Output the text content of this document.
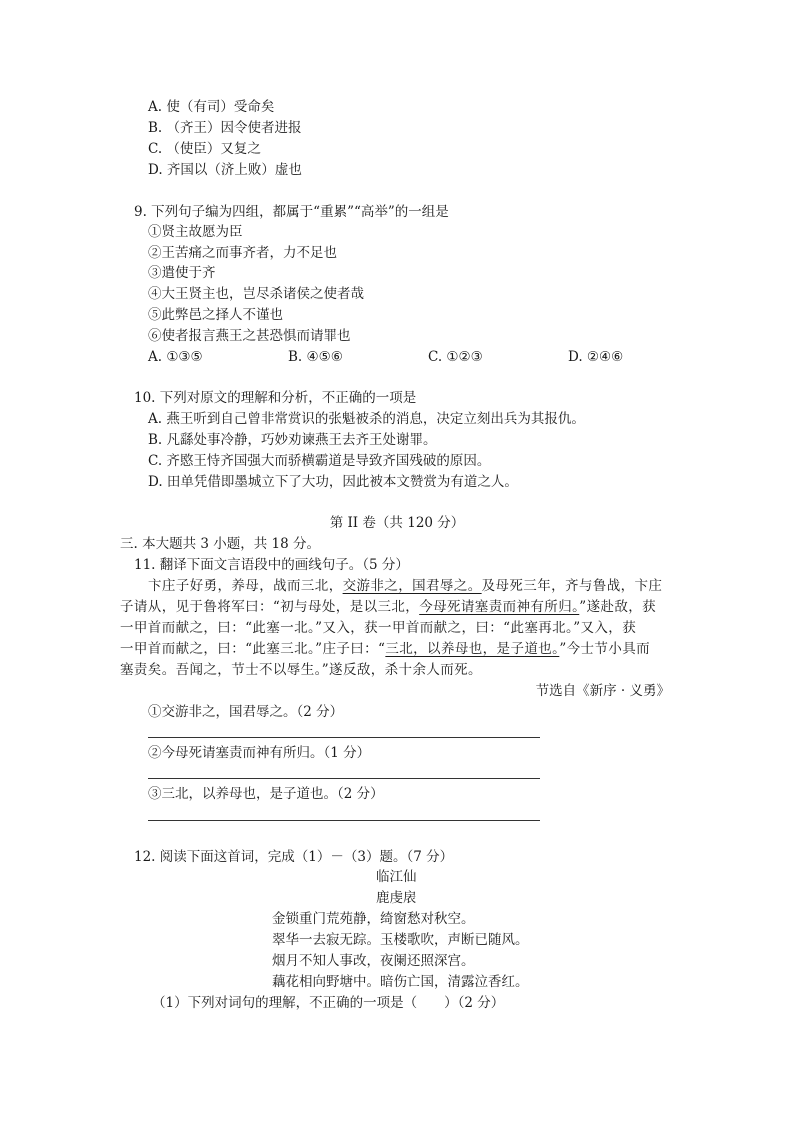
A. 使（有司）受命矣
B. （齐王）因令使者进报
C. （使臣）又复之
D. 齐国以（济上败）虚也
9. 下列句子编为四组，都属于“重累”“高举”的一组是
①贤主故愿为臣
②王苦痛之而事齐者，力不足也
③遣使于齐
④大王贤主也，岂尽杀诸侯之使者哉
⑤此弊邑之择人不谨也
⑥使者报言燕王之甚恐惧而请罪也
A. ①③⑤	B. ④⑤⑥	C. ①②③	D. ②④⑥
10. 下列对原文的理解和分析，不正确的一项是
A. 燕王听到自己曾非常赏识的张魁被杀的消息，决定立刻出兵为其报仇。
B. 凡繇处事冷静，巧妙劝谏燕王去齐王处谢罪。
C. 齐愍王恃齐国强大而骄横霸道是导致齐国残破的原因。
D. 田单凭借即墨城立下了大功，因此被本文赞赏为有道之人。
第 II 卷（共 120 分）
三. 本大题共 3 小题，共 18 分。
11. 翻译下面文言语段中的画线句子。（5 分）
卞庄子好勇，养母，战而三北，交游非之，国君辱之。及母死三年，齐与鲁战，卞庄
子请从，见于鲁将军曰：“初与母处，是以三北，今母死请塞责而神有所归。”遂赴敌，获
一甲首而献之，曰：“此塞一北。”又入，获一甲首而献之，曰：“此塞再北。”又入，获
一甲首而献之，曰：“此塞三北。”庄子曰：“三北，以养母也，是子道也。”今士节小具而
塞责矣。吾闻之，节士不以辱生。”遂反敌，杀十余人而死。
节选自《新序 · 义勇》
①交游非之，国君辱之。（2 分）
②今母死请塞责而神有所归。（1 分）
③三北，以养母也，是子道也。（2 分）
12. 阅读下面这首词，完成（1）－（3）题。（7 分）
临江仙
鹿虔扆
金锁重门荒苑静，绮窗愁对秋空。
翠华一去寂无踪。玉楼歌吹，声断已随风。
烟月不知人事改，夜阑还照深宫。
藕花相向野塘中。暗伤亡国，清露泣香红。
（1）下列对词句的理解，不正确的一项是（　　）（2 分）
